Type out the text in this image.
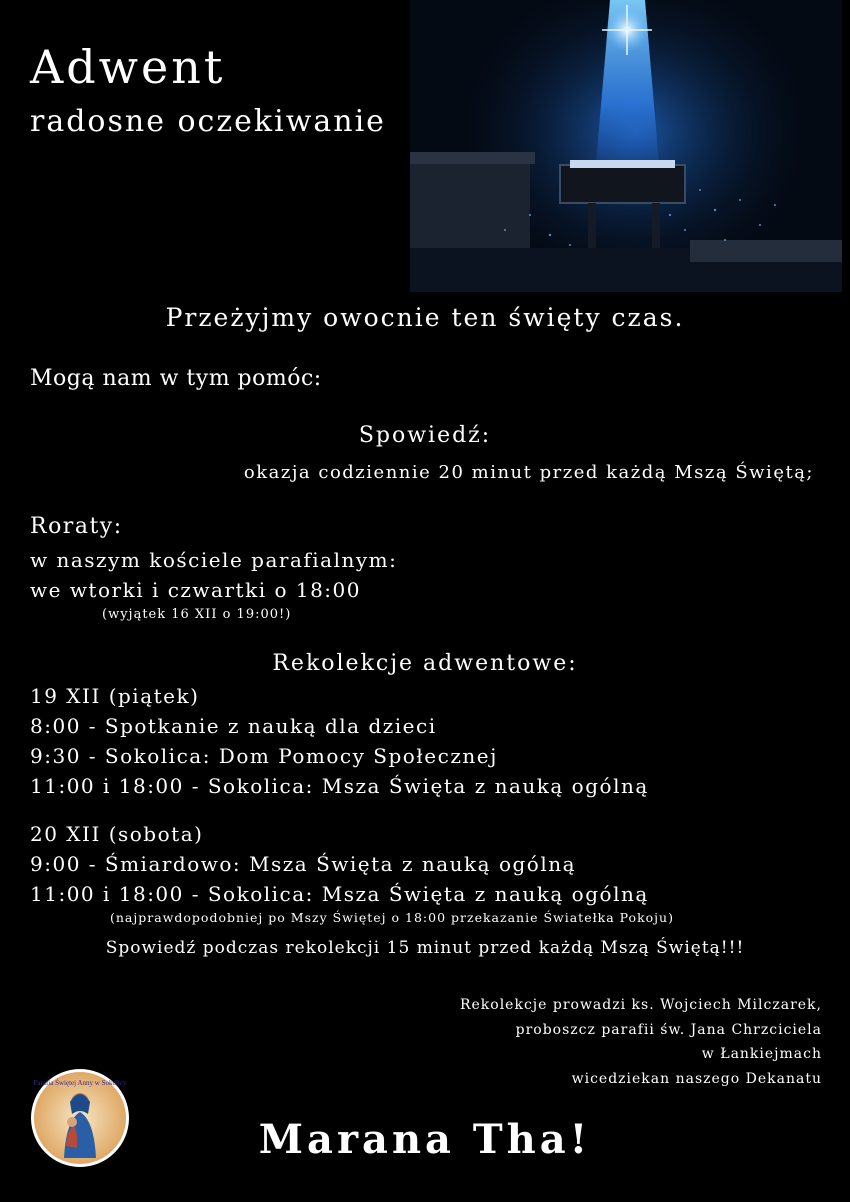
Adwent
radosne oczekiwanie
Przeżyjmy owocnie ten święty czas.
Mogą nam w tym pomóc:
Spowiedź:
okazja codziennie 20 minut przed każdą Mszą Świętą;
Roraty:
w naszym kościele parafialnym:
we wtorki i czwartki o 18:00
(wyjątek 16 XII o 19:00!)
Rekolekcje adwentowe:
19 XII (piątek)
8:00 - Spotkanie z nauką dla dzieci
9:30 - Sokolica: Dom Pomocy Społecznej
11:00 i 18:00 - Sokolica: Msza Święta z nauką ogólną
20 XII (sobota)
9:00 - Śmiardowo: Msza Święta z nauką ogólną
11:00 i 18:00 - Sokolica: Msza Święta z nauką ogólną
(najprawdopodobniej po Mszy Świętej o 18:00 przekazanie Światełka Pokoju)
Spowiedź podczas rekolekcji 15 minut przed każdą Mszą Świętą!!!
Rekolekcje prowadzi ks. Wojciech Milczarek,
proboszcz parafii św. Jana Chrzciciela
w Łankiejmach
wicedziekan naszego Dekanatu
Parafia Świętej Anny w Sokolicy
Marana Tha!
